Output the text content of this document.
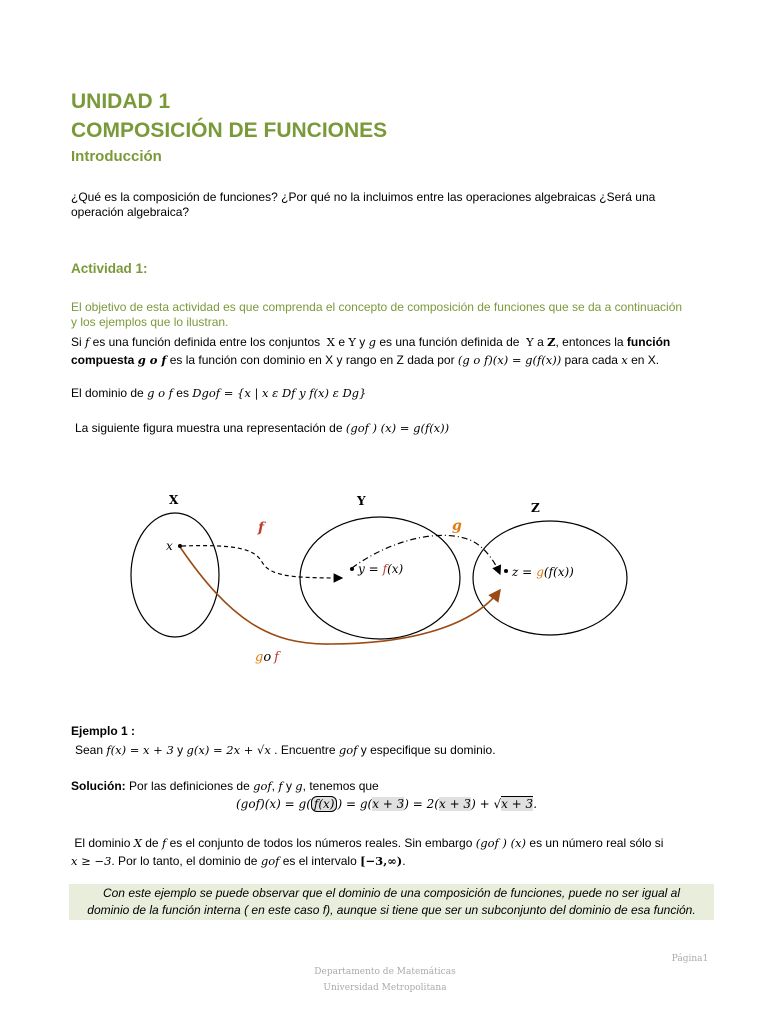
UNIDAD 1
COMPOSICIÓN DE FUNCIONES
Introducción
¿Qué es la composición de funciones? ¿Por qué no la incluimos entre las operaciones algebraicas ¿Será una operación algebraica?
Actividad 1:
El objetivo de esta actividad es que comprenda el concepto de composición de funciones que se da a continuación y los ejemplos que lo ilustran.
Si f es una función definida entre los conjuntos X e Y y g es una función definida de Y a Z, entonces la función
compuesta g o f es la función con dominio en X y rango en Z dada por (g o f)(x) = g(f(x)) para cada x en X.
El dominio de g o f es Dgof = {x | x ε Df y f(x) ε Dg}
La siguiente figura muestra una representación de (gof ) (x) = g(f(x))
X	Y	Z
f	g
x
y = f(x)	z = g(f(x))
go f
Ejemplo 1 :
Sean f(x) = x + 3 y g(x) = 2x + √x . Encuentre gof y especifique su dominio.
Solución: Por las definiciones de gof, f y g, tenemos que
(gof)(x) = g( f(x) ) = g(x + 3) = 2(x + 3) + √x + 3.
El dominio X de f es el conjunto de todos los números reales. Sin embargo (gof ) (x) es un número real sólo si
x ≥ −3. Por lo tanto, el dominio de gof es el intervalo [−3,∞).
Con este ejemplo se puede observar que el dominio de una composición de funciones, puede no ser igual al
dominio de la función interna ( en este caso f), aunque si tiene que ser un subconjunto del dominio de esa función.
Página1
Departamento de Matemáticas
Universidad Metropolitana
